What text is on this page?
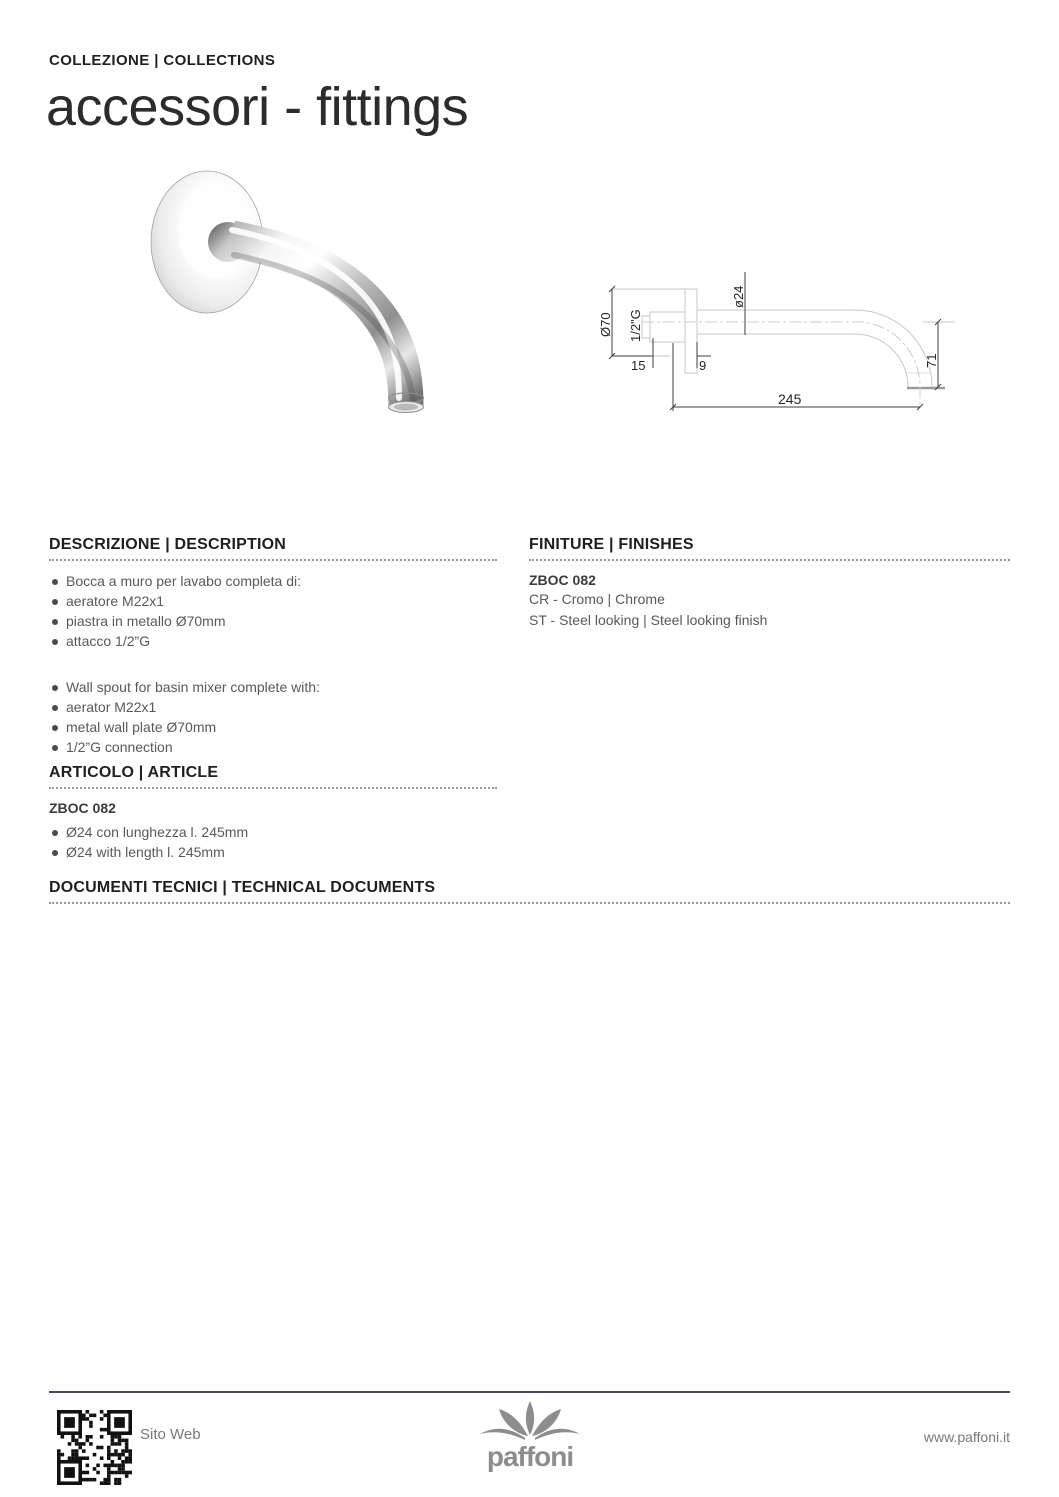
COLLEZIONE | COLLECTIONS
accessori - fittings
Ø70 1/2"G
ø24
15	9
245
71
DESCRIZIONE | DESCRIPTION
Bocca a muro per lavabo completa di:
aeratore M22x1
piastra in metallo Ø70mm
attacco 1/2”G
Wall spout for basin mixer complete with:
aerator M22x1
metal wall plate Ø70mm
1/2”G connection
FINITURE | FINISHES
ZBOC 082
CR - Cromo | Chrome
ST - Steel looking | Steel looking finish
ARTICOLO | ARTICLE
ZBOC 082
Ø24 con lunghezza l. 245mm
Ø24 with length l. 245mm
DOCUMENTI TECNICI | TECHNICAL DOCUMENTS
Sito Web
paffoni
www.paffoni.it
